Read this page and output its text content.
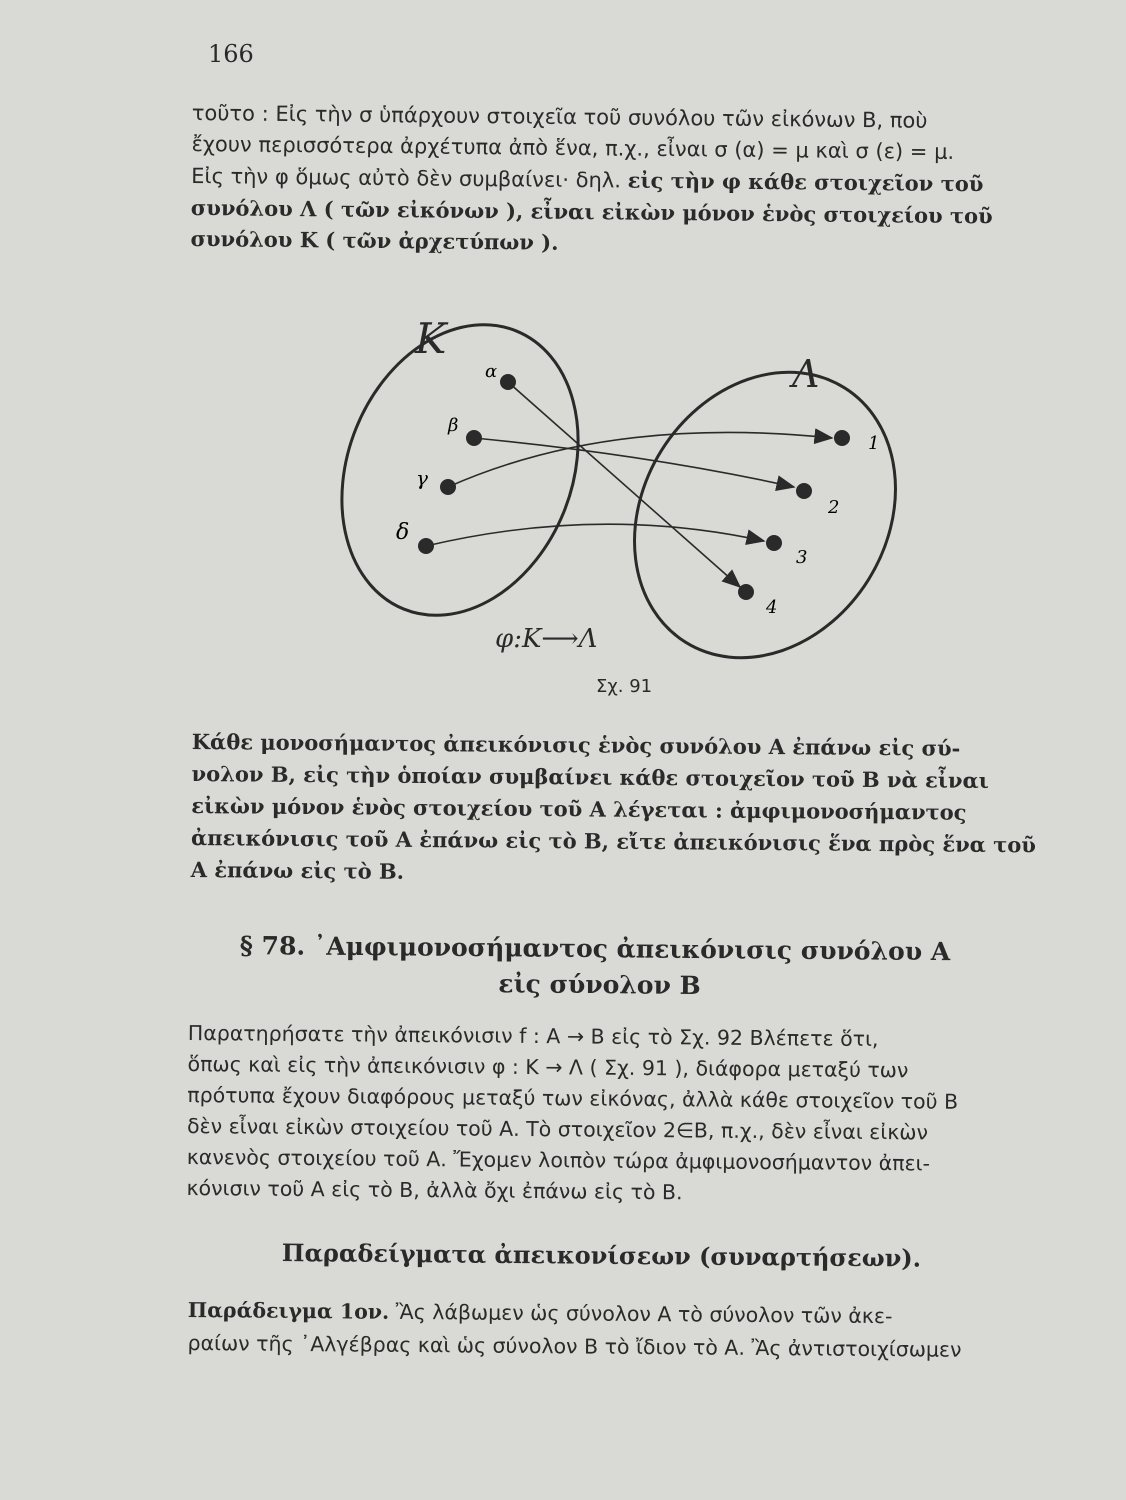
166
τοῦτο : Εἰς τὴν σ ὑπάρχουν στοιχεῖα τοῦ συνόλου τῶν εἰκόνων Β, ποὺ
ἔχουν περισσότερα ἀρχέτυπα ἀπὸ ἕνα, π.χ., εἶναι σ (α) = μ καὶ σ (ε) = μ.
Εἰς τὴν φ ὅμως αὐτὸ δὲν συμβαίνει· δηλ. εἰς τὴν φ κάθε στοιχεῖον τοῦ
συνόλου Λ ( τῶν εἰκόνων ), εἶναι εἰκὼν μόνον ἑνὸς στοιχείου τοῦ
συνόλου Κ ( τῶν ἀρχετύπων ).
Κ
Λ
α
β
γ
δ
1
2
3
4
φ:Κ⟶Λ
Σχ. 91
Κάθε μονοσήμαντος ἀπεικόνισις ἑνὸς συνόλου Α ἐπάνω εἰς σύ-
νολον Β, εἰς τὴν ὁποίαν συμβαίνει κάθε στοιχεῖον τοῦ Β νὰ εἶναι
εἰκὼν μόνον ἑνὸς στοιχείου τοῦ Α λέγεται : ἀμφιμονοσήμαντος
ἀπεικόνισις τοῦ Α ἐπάνω εἰς τὸ Β, εἴτε ἀπεικόνισις ἕνα πρὸς ἕνα τοῦ
Α ἐπάνω εἰς τὸ Β.
§ 78. ᾿Αμφιμονοσήμαντος ἀπεικόνισις συνόλου Α
εἰς σύνολον Β
Παρατηρήσατε τὴν ἀπεικόνισιν f : Α → Β εἰς τὸ Σχ. 92 Βλέπετε ὅτι,
ὅπως καὶ εἰς τὴν ἀπεικόνισιν φ : Κ → Λ ( Σχ. 91 ), διάφορα μεταξύ των
πρότυπα ἔχουν διαφόρους μεταξύ των εἰκόνας, ἀλλὰ κάθε στοιχεῖον τοῦ Β
δὲν εἶναι εἰκὼν στοιχείου τοῦ Α. Τὸ στοιχεῖον 2∈Β, π.χ., δὲν εἶναι εἰκὼν
κανενὸς στοιχείου τοῦ Α. Ἔχομεν λοιπὸν τώρα ἀμφιμονοσήμαντον ἀπει-
κόνισιν τοῦ Α εἰς τὸ Β, ἀλλὰ ὄχι ἐπάνω εἰς τὸ Β.
Παραδείγματα ἀπεικονίσεων (συναρτήσεων).
Παράδειγμα 1ον. Ἂς λάβωμεν ὡς σύνολον Α τὸ σύνολον τῶν ἀκε-
ραίων τῆς ᾿Αλγέβρας καὶ ὡς σύνολον Β τὸ ἴδιον τὸ Α. Ἂς ἀντιστοιχίσωμεν
